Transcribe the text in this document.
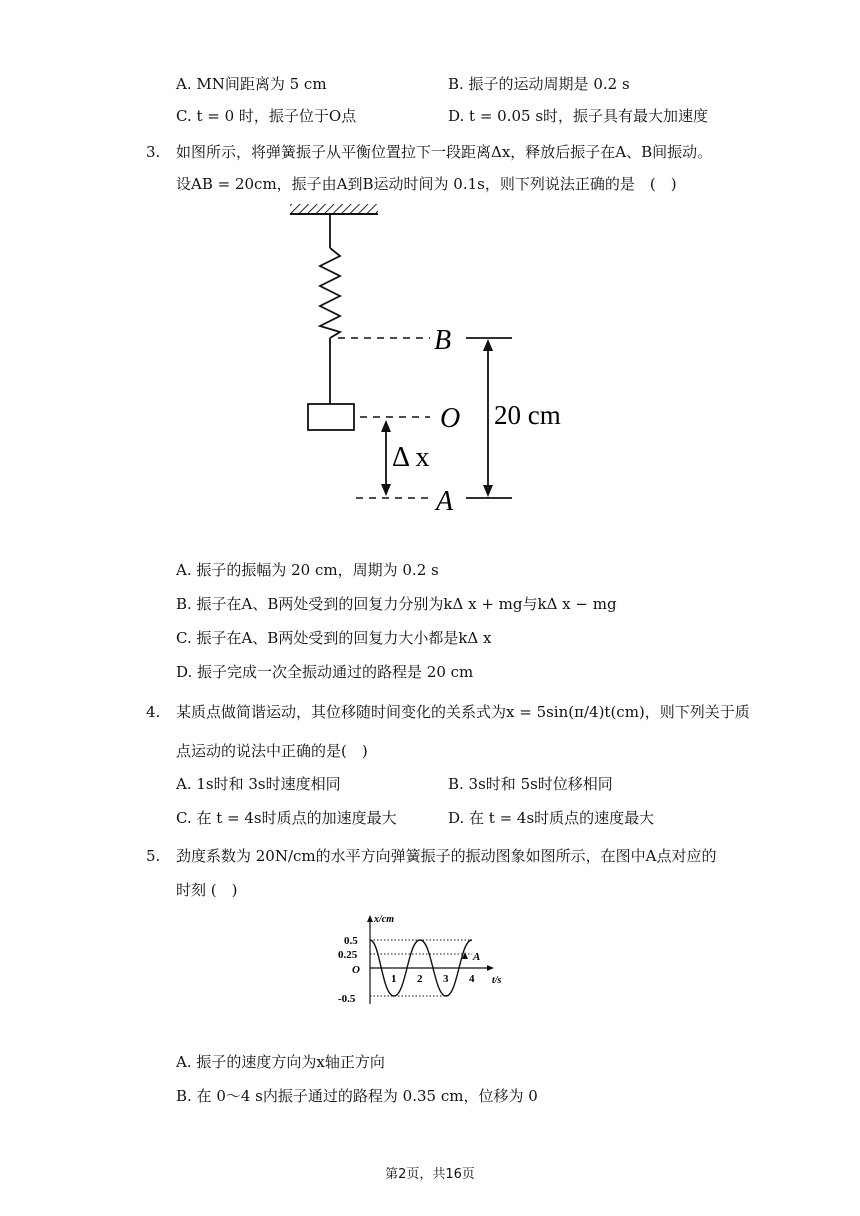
A. MN间距离为 5 cm	B. 振子的运动周期是 0.2 s
C. t = 0 时，振子位于O点	D. t = 0.05 s时，振子具有最大加速度
3. 如图所示，将弹簧振子从平衡位置拉下一段距离Δx，释放后振子在A、B间振动。
设AB = 20cm，振子由A到B运动时间为 0.1s，则下列说法正确的是　(　)
B
O
A
Δ x
20 cm
A. 振子的振幅为 20 cm，周期为 0.2 s
B. 振子在A、B两处受到的回复力分别为kΔ x + mg与kΔ x − mg
C. 振子在A、B两处受到的回复力大小都是kΔ x
D. 振子完成一次全振动通过的路程是 20 cm
4. 某质点做简谐运动，其位移随时间变化的关系式为x = 5sin(π/4)t(cm)，则下列关于质
点运动的说法中正确的是(　)
A. 1s时和 3s时速度相同	B. 3s时和 5s时位移相同
C. 在 t = 4s时质点的加速度最大	D. 在 t = 4s时质点的速度最大
5. 劲度系数为 20N/cm的水平方向弹簧振子的振动图象如图所示，在图中A点对应的
时刻 (　)
x/cm
t/s
O
0.5
0.25
-0.5
1 2 3 4
A
A. 振子的速度方向为x轴正方向
B. 在 0～4 s内振子通过的路程为 0.35 cm，位移为 0
第2页，共16页
